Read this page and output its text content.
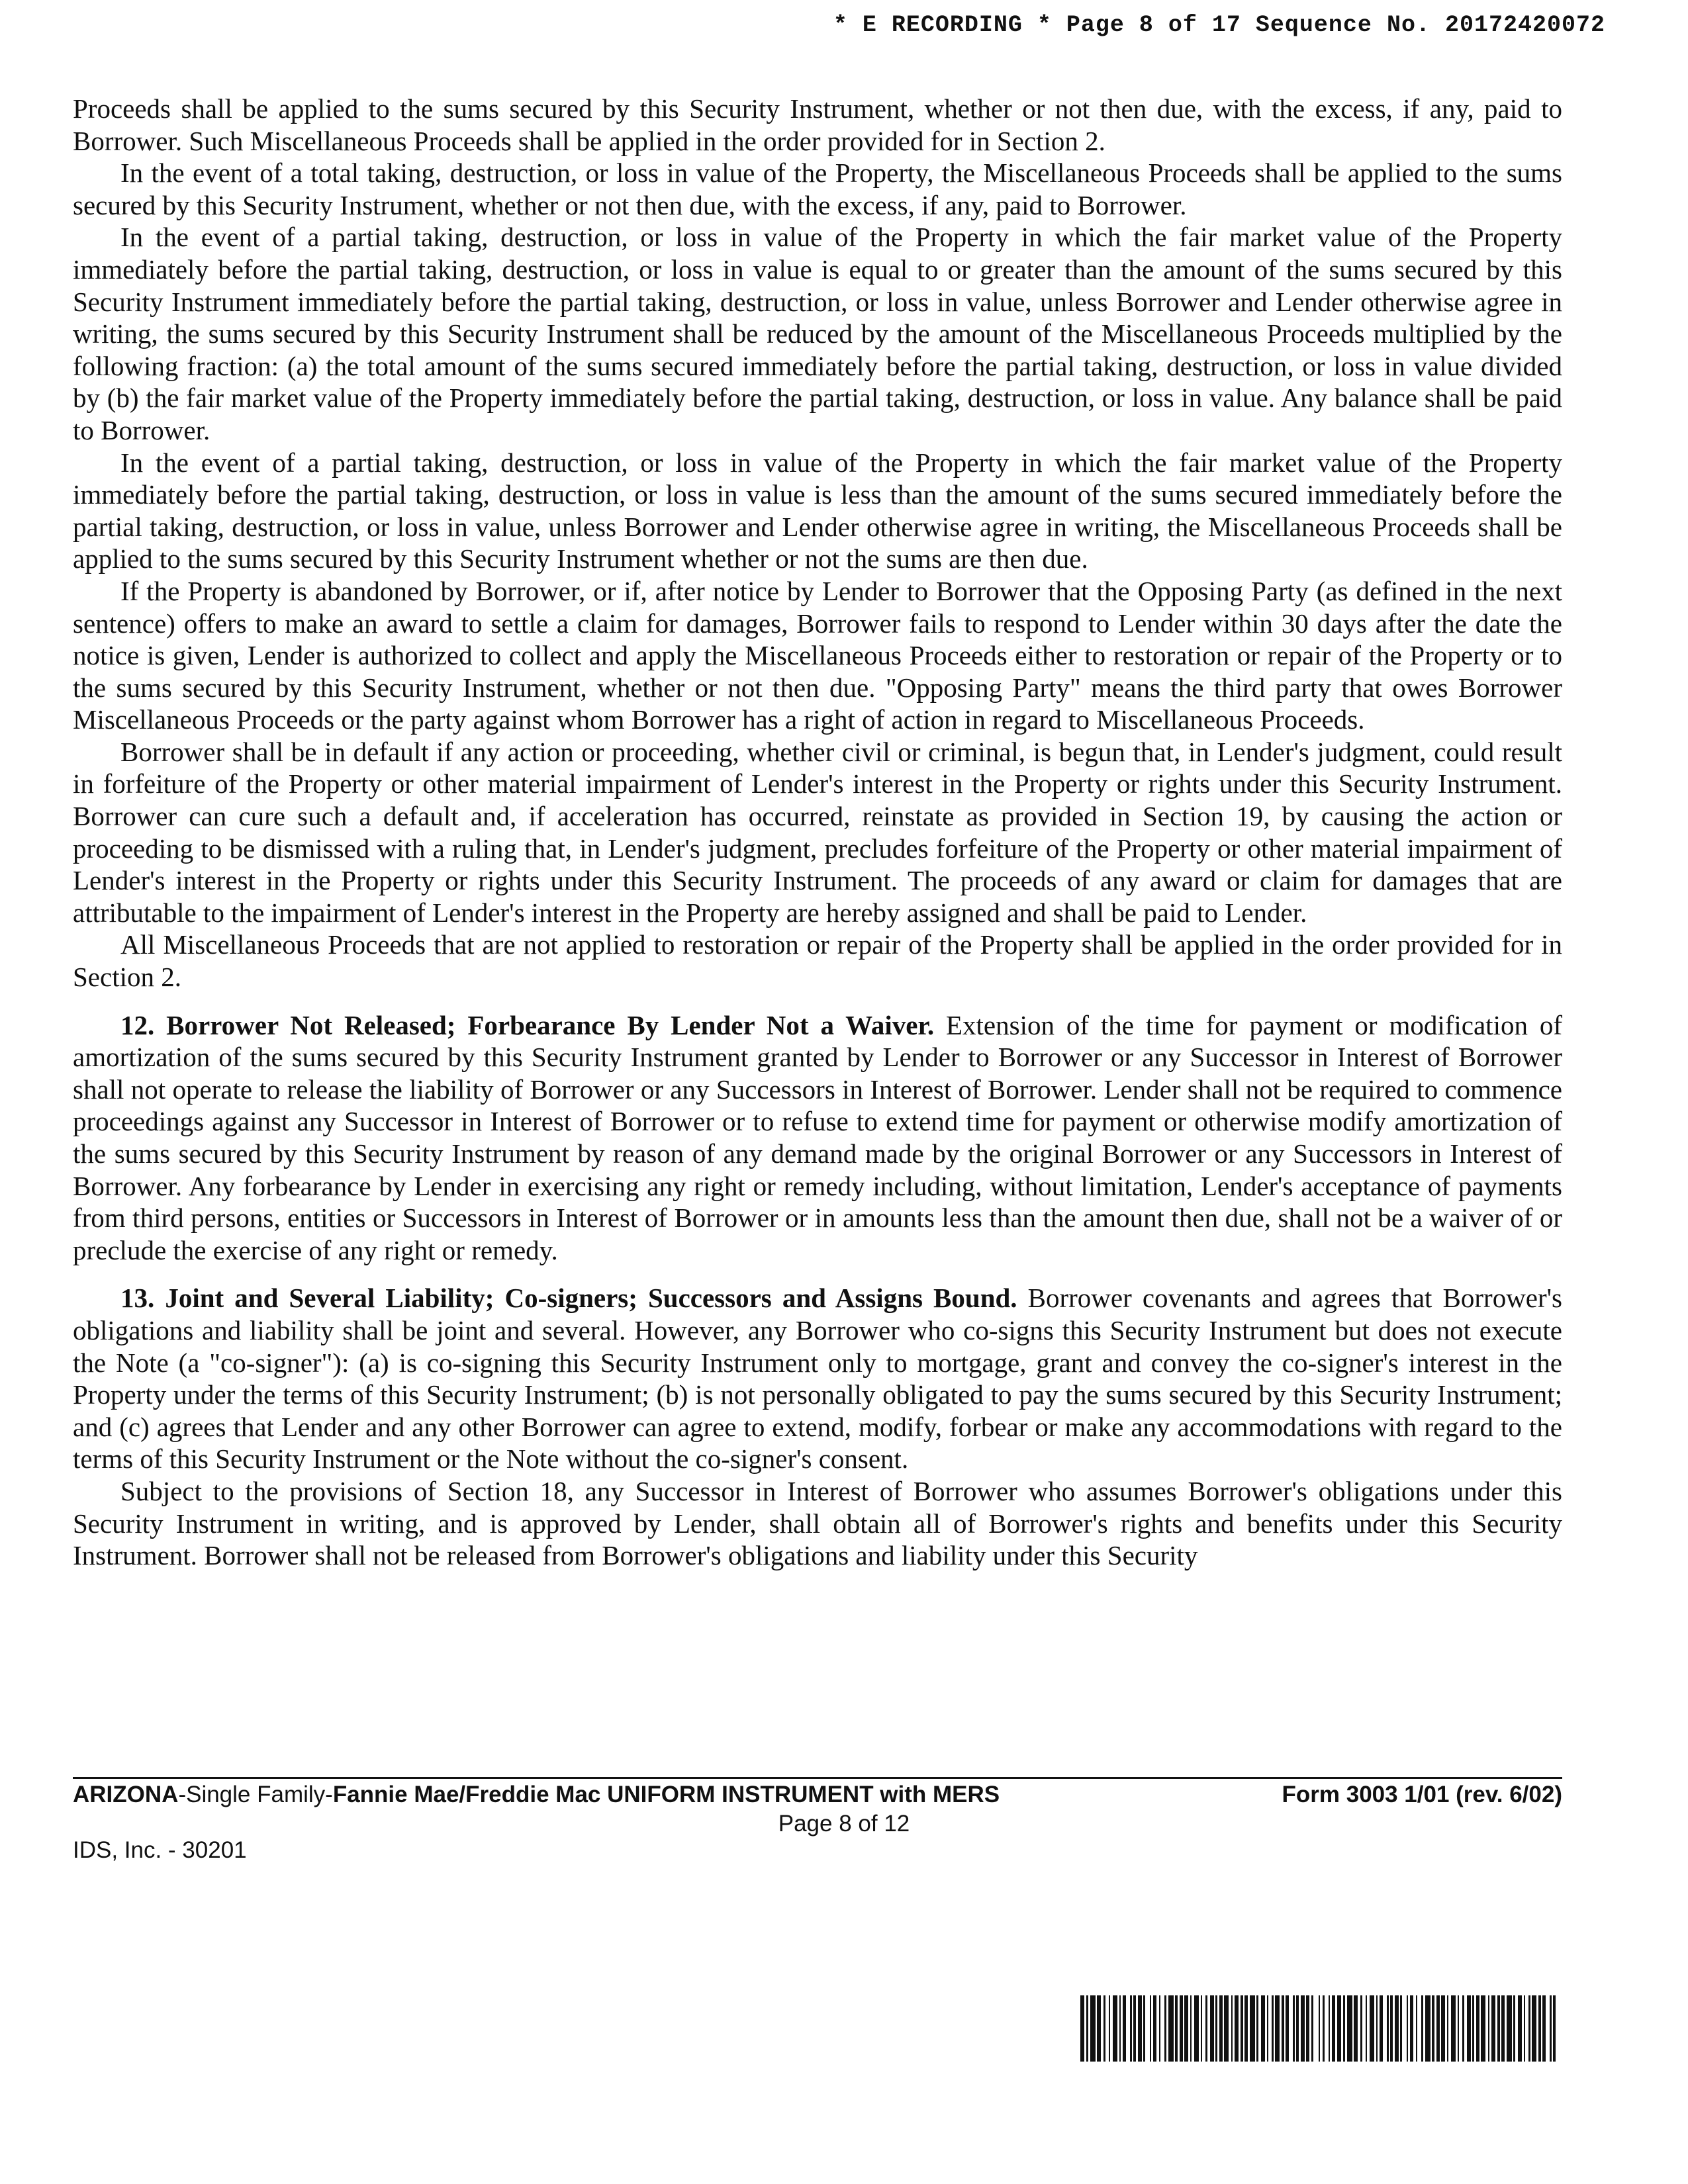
* E RECORDING * Page 8 of 17 Sequence No. 20172420072

Proceeds shall be applied to the sums secured by this Security Instrument, whether or not then due, with the excess, if any, paid to Borrower. Such Miscellaneous Proceeds shall be applied in the order provided for in Section 2.

In the event of a total taking, destruction, or loss in value of the Property, the Miscellaneous Proceeds shall be applied to the sums secured by this Security Instrument, whether or not then due, with the excess, if any, paid to Borrower.

In the event of a partial taking, destruction, or loss in value of the Property in which the fair market value of the Property immediately before the partial taking, destruction, or loss in value is equal to or greater than the amount of the sums secured by this Security Instrument immediately before the partial taking, destruction, or loss in value, unless Borrower and Lender otherwise agree in writing, the sums secured by this Security Instrument shall be reduced by the amount of the Miscellaneous Proceeds multiplied by the following fraction: (a) the total amount of the sums secured immediately before the partial taking, destruction, or loss in value divided by (b) the fair market value of the Property immediately before the partial taking, destruction, or loss in value. Any balance shall be paid to Borrower.

In the event of a partial taking, destruction, or loss in value of the Property in which the fair market value of the Property immediately before the partial taking, destruction, or loss in value is less than the amount of the sums secured immediately before the partial taking, destruction, or loss in value, unless Borrower and Lender otherwise agree in writing, the Miscellaneous Proceeds shall be applied to the sums secured by this Security Instrument whether or not the sums are then due.

If the Property is abandoned by Borrower, or if, after notice by Lender to Borrower that the Opposing Party (as defined in the next sentence) offers to make an award to settle a claim for damages, Borrower fails to respond to Lender within 30 days after the date the notice is given, Lender is authorized to collect and apply the Miscellaneous Proceeds either to restoration or repair of the Property or to the sums secured by this Security Instrument, whether or not then due. "Opposing Party" means the third party that owes Borrower Miscellaneous Proceeds or the party against whom Borrower has a right of action in regard to Miscellaneous Proceeds.

Borrower shall be in default if any action or proceeding, whether civil or criminal, is begun that, in Lender's judgment, could result in forfeiture of the Property or other material impairment of Lender's interest in the Property or rights under this Security Instrument. Borrower can cure such a default and, if acceleration has occurred, reinstate as provided in Section 19, by causing the action or proceeding to be dismissed with a ruling that, in Lender's judgment, precludes forfeiture of the Property or other material impairment of Lender's interest in the Property or rights under this Security Instrument. The proceeds of any award or claim for damages that are attributable to the impairment of Lender's interest in the Property are hereby assigned and shall be paid to Lender.

All Miscellaneous Proceeds that are not applied to restoration or repair of the Property shall be applied in the order provided for in Section 2.

12. Borrower Not Released; Forbearance By Lender Not a Waiver. Extension of the time for payment or modification of amortization of the sums secured by this Security Instrument granted by Lender to Borrower or any Successor in Interest of Borrower shall not operate to release the liability of Borrower or any Successors in Interest of Borrower. Lender shall not be required to commence proceedings against any Successor in Interest of Borrower or to refuse to extend time for payment or otherwise modify amortization of the sums secured by this Security Instrument by reason of any demand made by the original Borrower or any Successors in Interest of Borrower. Any forbearance by Lender in exercising any right or remedy including, without limitation, Lender's acceptance of payments from third persons, entities or Successors in Interest of Borrower or in amounts less than the amount then due, shall not be a waiver of or preclude the exercise of any right or remedy.

13. Joint and Several Liability; Co-signers; Successors and Assigns Bound. Borrower covenants and agrees that Borrower's obligations and liability shall be joint and several. However, any Borrower who co-signs this Security Instrument but does not execute the Note (a "co-signer"): (a) is co-signing this Security Instrument only to mortgage, grant and convey the co-signer's interest in the Property under the terms of this Security Instrument; (b) is not personally obligated to pay the sums secured by this Security Instrument; and (c) agrees that Lender and any other Borrower can agree to extend, modify, forbear or make any accommodations with regard to the terms of this Security Instrument or the Note without the co-signer's consent.

Subject to the provisions of Section 18, any Successor in Interest of Borrower who assumes Borrower's obligations under this Security Instrument in writing, and is approved by Lender, shall obtain all of Borrower's rights and benefits under this Security Instrument. Borrower shall not be released from Borrower's obligations and liability under this Security

ARIZONA-Single Family-Fannie Mae/Freddie Mac UNIFORM INSTRUMENT with MERS	Form 3003 1/01 (rev. 6/02)
Page 8 of 12
IDS, Inc. - 30201
